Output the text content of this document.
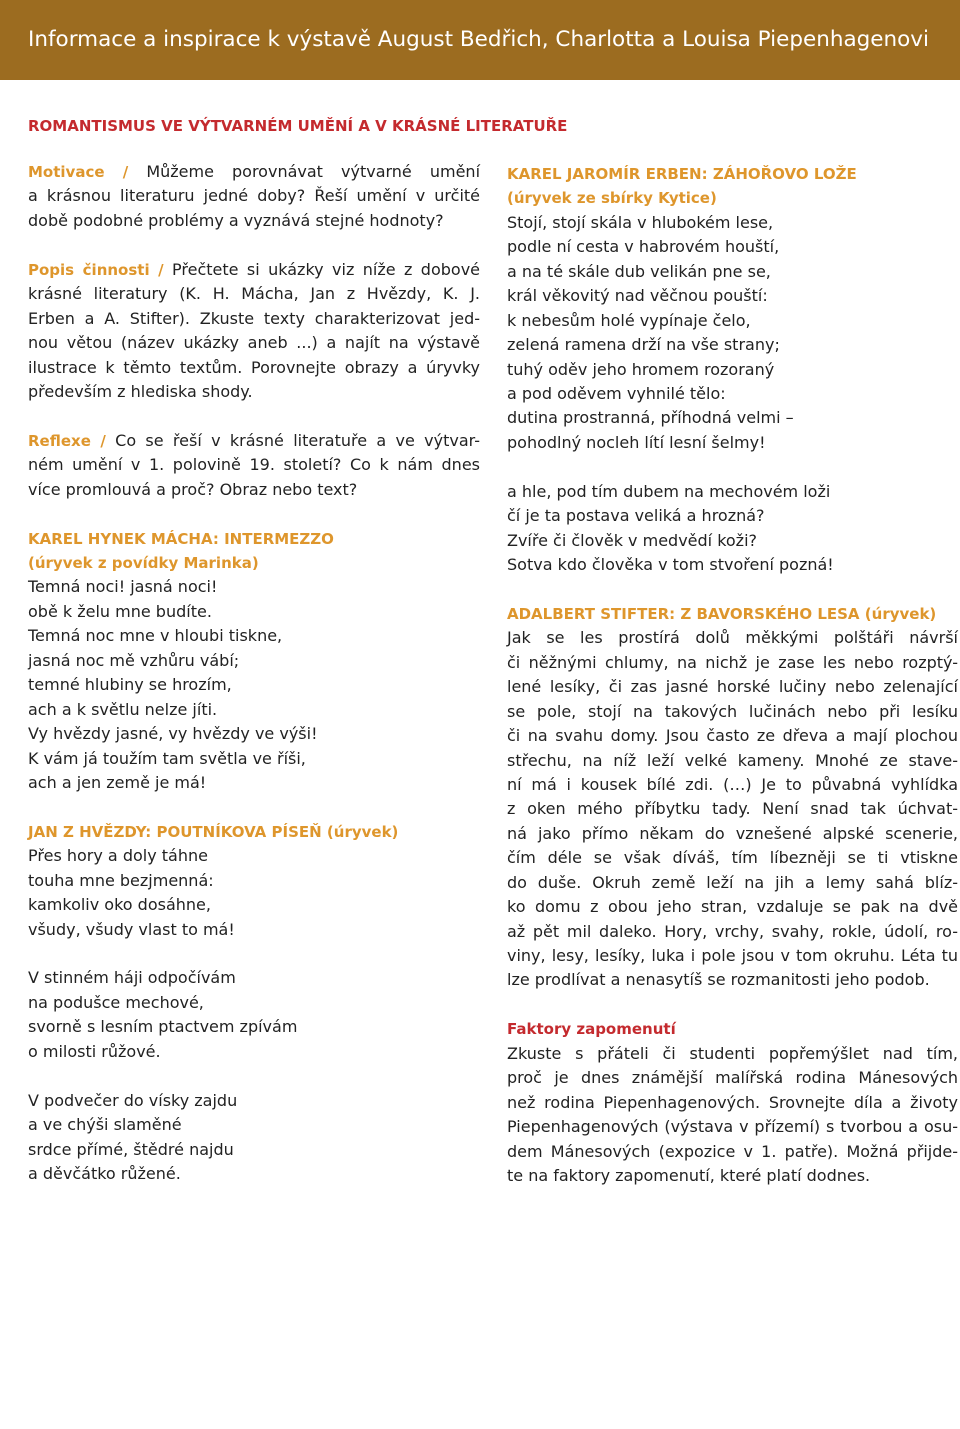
Informace a inspirace k výstavě August Bedřich, Charlotta a Louisa Piepenhagenovi
ROMANTISMUS VE VÝTVARNÉM UMĚNÍ A V KRÁSNÉ LITERATUŘE
Motivace / Můžeme porovnávat výtvarné umění
a krásnou literaturu jedné doby? Řeší umění v určité
době podobné problémy a vyznává stejné hodnoty?
Popis činnosti / Přečtete si ukázky viz níže z dobové
krásné literatury (K. H. Mácha, Jan z Hvězdy, K. J.
Erben a A. Stifter). Zkuste texty charakterizovat jed-
nou větou (název ukázky aneb ...) a najít na výstavě
ilustrace k těmto textům. Porovnejte obrazy a úryvky
především z hlediska shody.
Reflexe / Co se řeší v krásné literatuře a ve výtvar-
ném umění v 1. polovině 19. století? Co k nám dnes
více promlouvá a proč? Obraz nebo text?
KAREL HYNEK MÁCHA: INTERMEZZO
(úryvek z povídky Marinka)
Temná noci! jasná noci!
obě k želu mne budíte.
Temná noc mne v hloubi tiskne,
jasná noc mě vzhůru vábí;
temné hlubiny se hrozím,
ach a k světlu nelze jíti.
Vy hvězdy jasné, vy hvězdy ve výši!
K vám já toužím tam světla ve říši,
ach a jen země je má!
JAN Z HVĚZDY: POUTNÍKOVA PÍSEŇ (úryvek)
Přes hory a doly táhne
touha mne bezjmenná:
kamkoliv oko dosáhne,
všudy, všudy vlast to má!
V stinném háji odpočívám
na podušce mechové,
svorně s lesním ptactvem zpívám
o milosti růžové.
V podvečer do vísky zajdu
a ve chýši slaměné
srdce přímé, štědré najdu
a děvčátko růžené.
KAREL JAROMÍR ERBEN: ZÁHOŘOVO LOŽE
(úryvek ze sbírky Kytice)
Stojí, stojí skála v hlubokém lese,
podle ní cesta v habrovém houští,
a na té skále dub velikán pne se,
král věkovitý nad věčnou pouští:
k nebesům holé vypínaje čelo,
zelená ramena drží na vše strany;
tuhý oděv jeho hromem rozoraný
a pod oděvem vyhnilé tělo:
dutina prostranná, příhodná velmi –
pohodlný nocleh lítí lesní šelmy!
a hle, pod tím dubem na mechovém loži
čí je ta postava veliká a hrozná?
Zvíře či člověk v medvědí koži?
Sotva kdo člověka v tom stvoření pozná!
ADALBERT STIFTER: Z BAVORSKÉHO LESA (úryvek)
Jak se les prostírá dolů měkkými polštáři návrší
či něžnými chlumy, na nichž je zase les nebo rozptý-
lené lesíky, či zas jasné horské lučiny nebo zelenající
se pole, stojí na takových lučinách nebo při lesíku
či na svahu domy. Jsou často ze dřeva a mají plochou
střechu, na níž leží velké kameny. Mnohé ze stave-
ní má i kousek bílé zdi. (…) Je to půvabná vyhlídka
z oken mého příbytku tady. Není snad tak úchvat-
ná jako přímo někam do vznešené alpské scenerie,
čím déle se však díváš, tím líbezněji se ti vtiskne
do duše. Okruh země leží na jih a lemy sahá blíz-
ko domu z obou jeho stran, vzdaluje se pak na dvě
až pět mil daleko. Hory, vrchy, svahy, rokle, údolí, ro-
viny, lesy, lesíky, luka i pole jsou v tom okruhu. Léta tu
lze prodlívat a nenasytíš se rozmanitosti jeho podob.
Faktory zapomenutí
Zkuste s přáteli či studenti popřemýšlet nad tím,
proč je dnes známější malířská rodina Mánesových
než rodina Piepenhagenových. Srovnejte díla a životy
Piepenhagenových (výstava v přízemí) s tvorbou a osu-
dem Mánesových (expozice v 1. patře). Možná přijde-
te na faktory zapomenutí, které platí dodnes.
